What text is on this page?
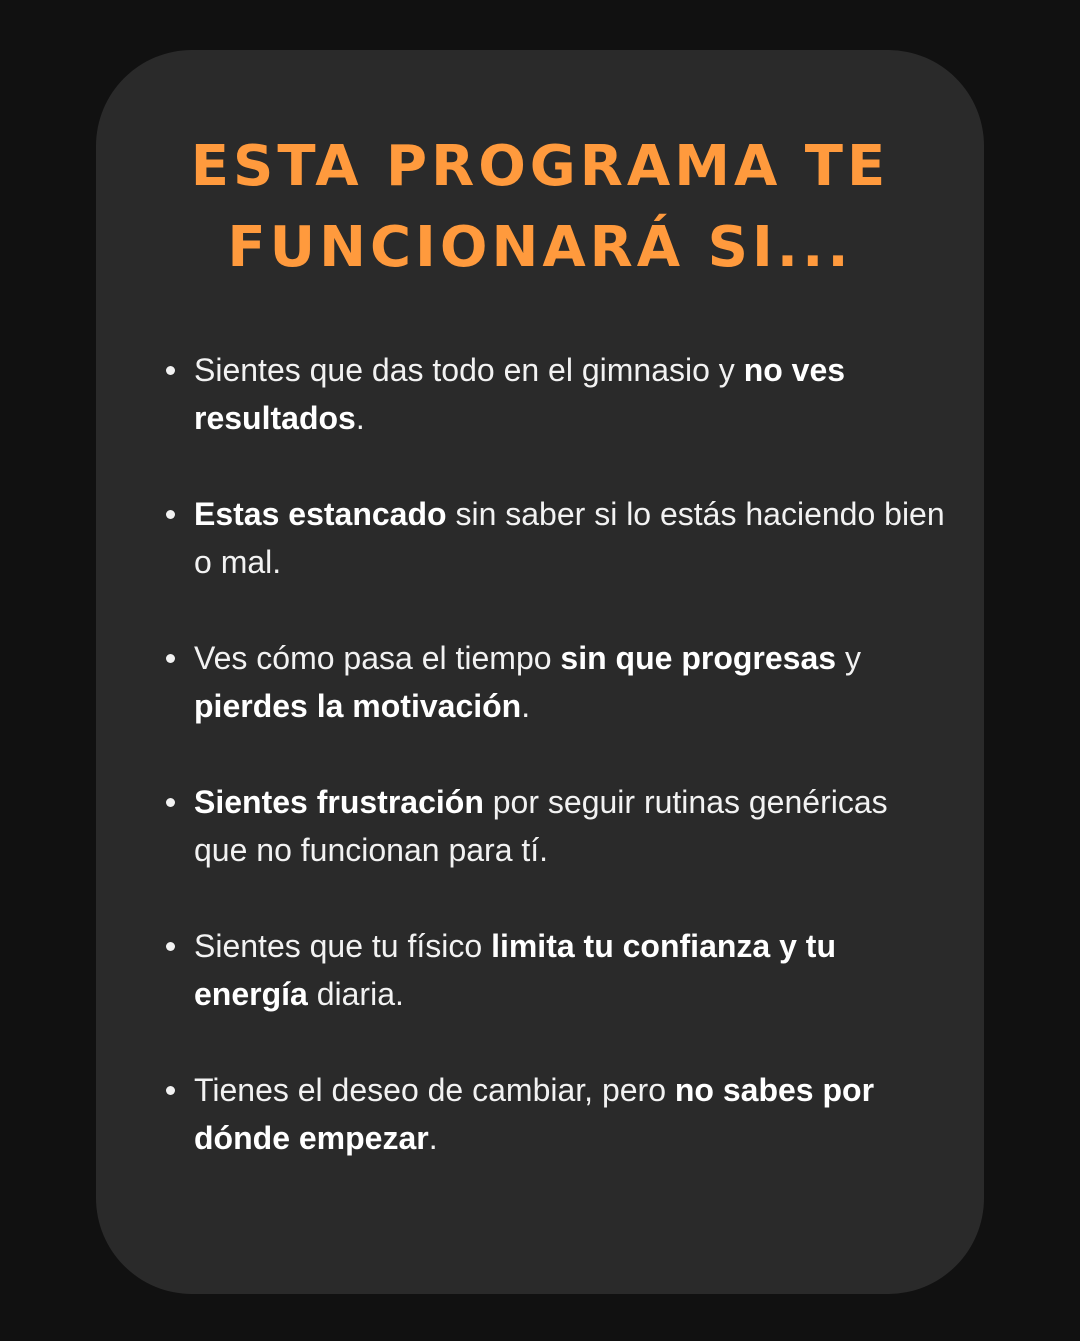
ESTA PROGRAMA TE
FUNCIONARÁ SI...
Sientes que das todo en el gimnasio y no ves resultados.
Estas estancado sin saber si lo estás haciendo bien o mal.
Ves cómo pasa el tiempo sin que progresas y pierdes la motivación.
Sientes frustración por seguir rutinas genéricas que no funcionan para tí.
Sientes que tu físico limita tu confianza y tu energía diaria.
Tienes el deseo de cambiar, pero no sabes por dónde empezar.
